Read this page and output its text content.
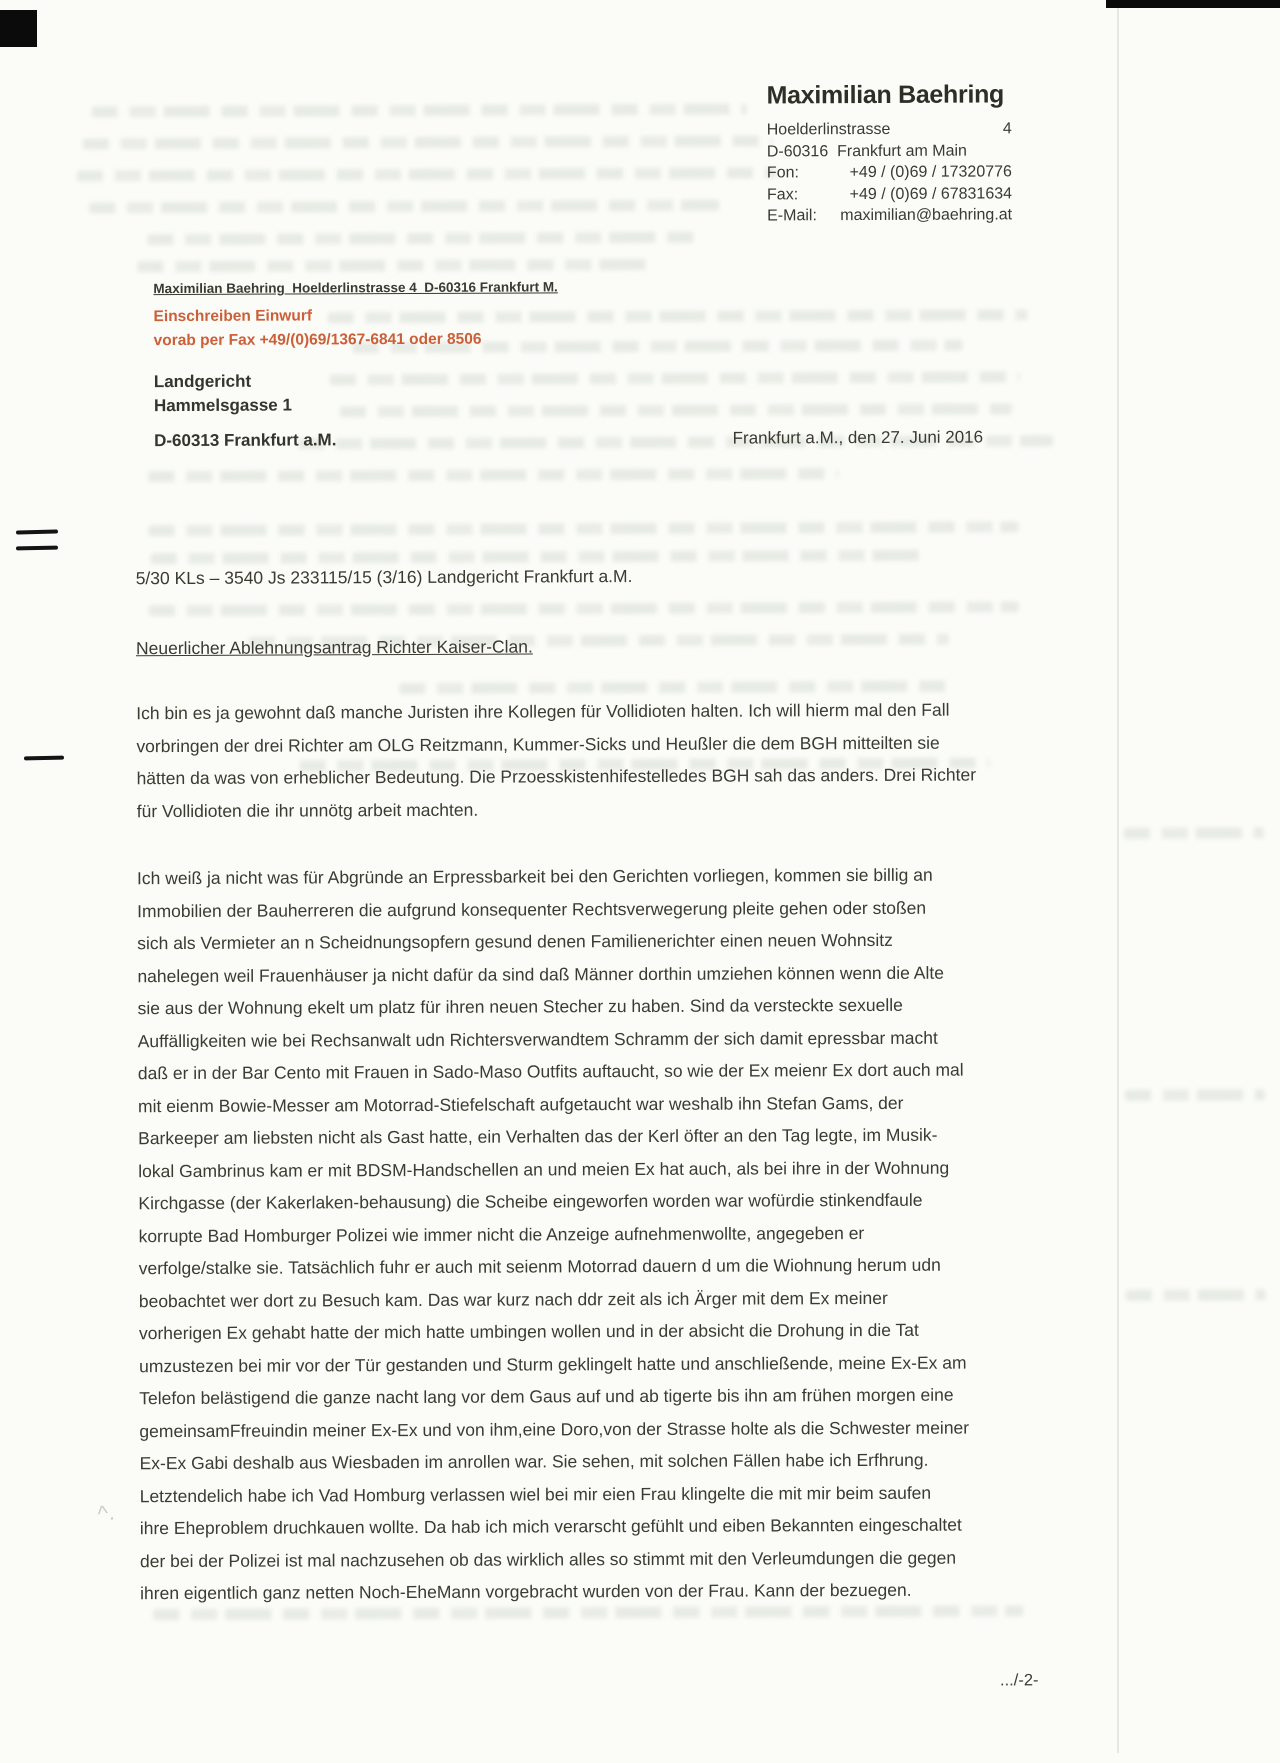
Maximilian Baehring
Hoelderlinstrasse	4
D-60316  Frankfurt am Main
Fon:	+49 / (0)69 / 17320776
Fax:	+49 / (0)69 / 67831634
E-Mail: maximilian@baehring.at
Maximilian Baehring  Hoelderlinstrasse 4  D-60316 Frankfurt M.
Einschreiben Einwurf
vorab per Fax +49/(0)69/1367-6841 oder 8506
Landgericht
Hammelsgasse 1
D-60313 Frankfurt a.M.	Frankfurt a.M., den 27. Juni 2016
5/30 KLs – 3540 Js 233115/15 (3/16) Landgericht Frankfurt a.M.
Neuerlicher Ablehnungsantrag Richter Kaiser-Clan.
Ich bin es ja gewohnt daß manche Juristen ihre Kollegen für Vollidioten halten. Ich will hierm mal den Fall
vorbringen der drei Richter am OLG Reitzmann, Kummer-Sicks und Heußler die dem BGH mitteilten sie
hätten da was von erheblicher Bedeutung. Die Przoesskistenhifestelledes BGH sah das anders. Drei Richter
für Vollidioten die ihr unnötg arbeit machten.
Ich weiß ja nicht was für Abgründe an Erpressbarkeit bei den Gerichten vorliegen, kommen sie billig an
Immobilien der Bauherreren die aufgrund konsequenter Rechtsverwegerung pleite gehen oder stoßen
sich als Vermieter an n Scheidnungsopfern gesund denen Familienerichter einen neuen Wohnsitz
nahelegen weil Frauenhäuser ja nicht dafür da sind daß Männer dorthin umziehen können wenn die Alte
sie aus der Wohnung ekelt um platz für ihren neuen Stecher zu haben. Sind da versteckte sexuelle
Auffälligkeiten wie bei Rechsanwalt udn Richtersverwandtem Schramm der sich damit epressbar macht
daß er in der Bar Cento mit Frauen in Sado-Maso Outfits auftaucht, so wie der Ex meienr Ex dort auch mal
mit eienm Bowie-Messer am Motorrad-Stiefelschaft aufgetaucht war weshalb ihn Stefan Gams, der
Barkeeper am liebsten nicht als Gast hatte, ein Verhalten das der Kerl öfter an den Tag legte, im Musik-
lokal Gambrinus kam er mit BDSM-Handschellen an und meien Ex hat auch, als bei ihre in der Wohnung
Kirchgasse (der Kakerlaken-behausung) die Scheibe eingeworfen worden war wofürdie stinkendfaule
korrupte Bad Homburger Polizei wie immer nicht die Anzeige aufnehmenwollte, angegeben er
verfolge/stalke sie. Tatsächlich fuhr er auch mit seienm Motorrad dauern d um die Wiohnung herum udn
beobachtet wer dort zu Besuch kam. Das war kurz nach ddr zeit als ich Ärger mit dem Ex meiner
vorherigen Ex gehabt hatte der mich hatte umbingen wollen und in der absicht die Drohung in die Tat
umzustezen bei mir vor der Tür gestanden und Sturm geklingelt hatte und anschließende, meine Ex-Ex am
Telefon belästigend die ganze nacht lang vor dem Gaus auf und ab tigerte bis ihn am frühen morgen eine
gemeinsamFfreuindin meiner Ex-Ex und von ihm,eine Doro,von der Strasse holte als die Schwester meiner
Ex-Ex Gabi deshalb aus Wiesbaden im anrollen war. Sie sehen, mit solchen Fällen habe ich Erfhrung.
Letztendelich habe ich Vad Homburg verlassen wiel bei mir eien Frau klingelte die mit mir beim saufen
ihre Eheproblem druchkauen wollte. Da hab ich mich verarscht gefühlt und eiben Bekannten eingeschaltet
der bei der Polizei ist mal nachzusehen ob das wirklich alles so stimmt mit den Verleumdungen die gegen
ihren eigentlich ganz netten Noch-EheMann vorgebracht wurden von der Frau. Kann der bezuegen.
.../-2-
^.
